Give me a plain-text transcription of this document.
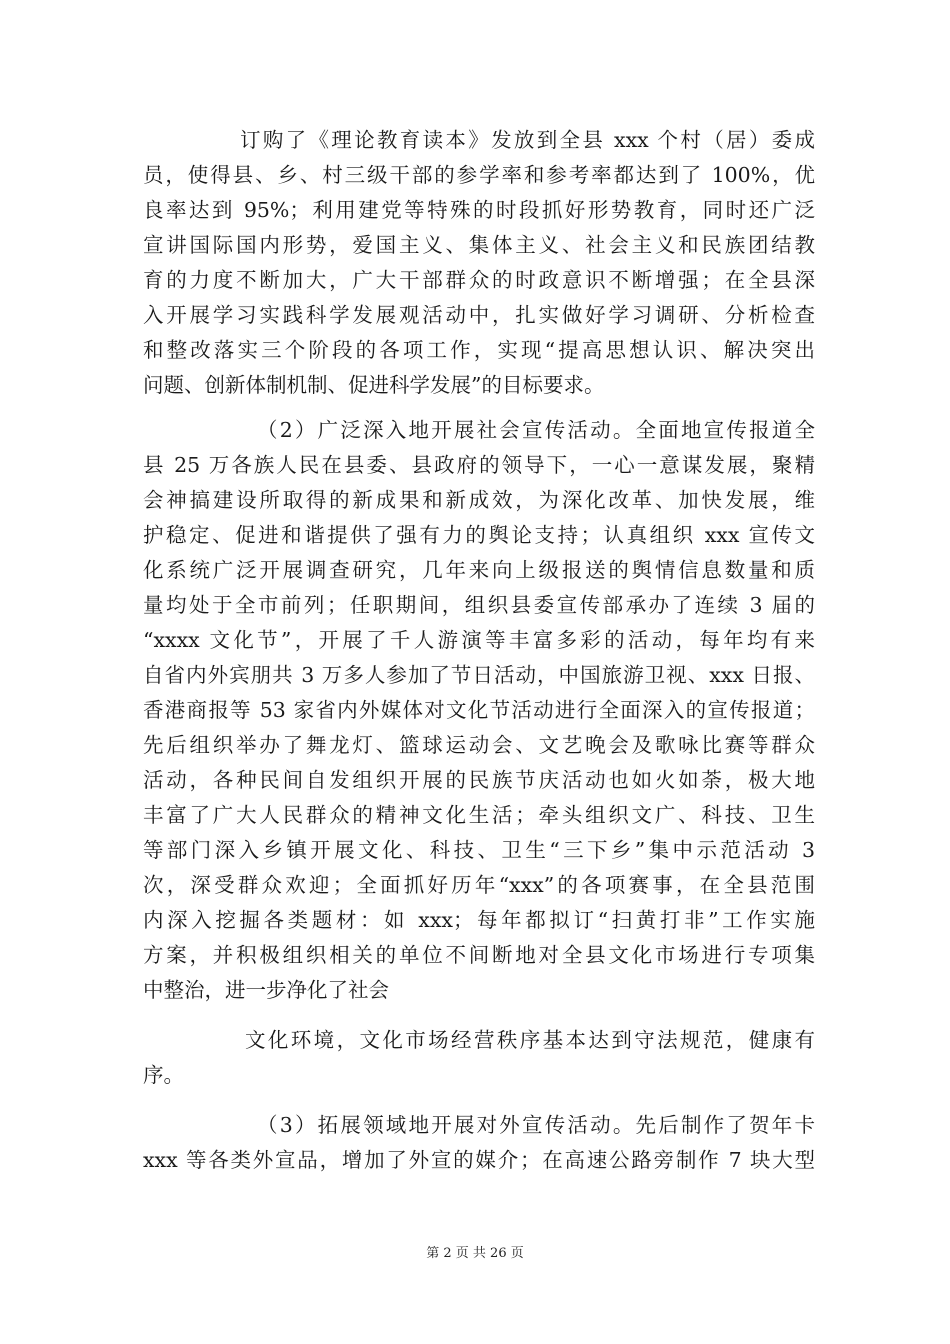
订购了《理论教育读本》发放到全县 xxx 个村（居）委成
员，使得县、乡、村三级干部的参学率和参考率都达到了 100%，优
良率达到 95%；利用建党等特殊的时段抓好形势教育，同时还广泛
宣讲国际国内形势，爱国主义、集体主义、社会主义和民族团结教
育的力度不断加大，广大干部群众的时政意识不断增强；在全县深
入开展学习实践科学发展观活动中，扎实做好学习调研、分析检查
和整改落实三个阶段的各项工作，实现“提高思想认识、解决突出
问题、创新体制机制、促进科学发展”的目标要求。
（2）广泛深入地开展社会宣传活动。全面地宣传报道全
县 25 万各族人民在县委、县政府的领导下，一心一意谋发展，聚精
会神搞建设所取得的新成果和新成效，为深化改革、加快发展，维
护稳定、促进和谐提供了强有力的舆论支持；认真组织 xxx 宣传文
化系统广泛开展调查研究，几年来向上级报送的舆情信息数量和质
量均处于全市前列；任职期间，组织县委宣传部承办了连续 3 届的
“xxxx 文化节”，开展了千人游演等丰富多彩的活动，每年均有来
自省内外宾朋共 3 万多人参加了节日活动，中国旅游卫视、xxx 日报、
香港商报等 53 家省内外媒体对文化节活动进行全面深入的宣传报道；
先后组织举办了舞龙灯、篮球运动会、文艺晚会及歌咏比赛等群众
活动，各种民间自发组织开展的民族节庆活动也如火如荼，极大地
丰富了广大人民群众的精神文化生活；牵头组织文广、科技、卫生
等部门深入乡镇开展文化、科技、卫生“三下乡”集中示范活动 3
次，深受群众欢迎；全面抓好历年“xxx”的各项赛事，在全县范围
内深入挖掘各类题材：如 xxx；每年都拟订“扫黄打非”工作实施
方案，并积极组织相关的单位不间断地对全县文化市场进行专项集
中整治，进一步净化了社会
文化环境，文化市场经营秩序基本达到守法规范，健康有
序。
（3）拓展领域地开展对外宣传活动。先后制作了贺年卡
xxx 等各类外宣品，增加了外宣的媒介；在高速公路旁制作 7 块大型
第 2 页 共 26 页
